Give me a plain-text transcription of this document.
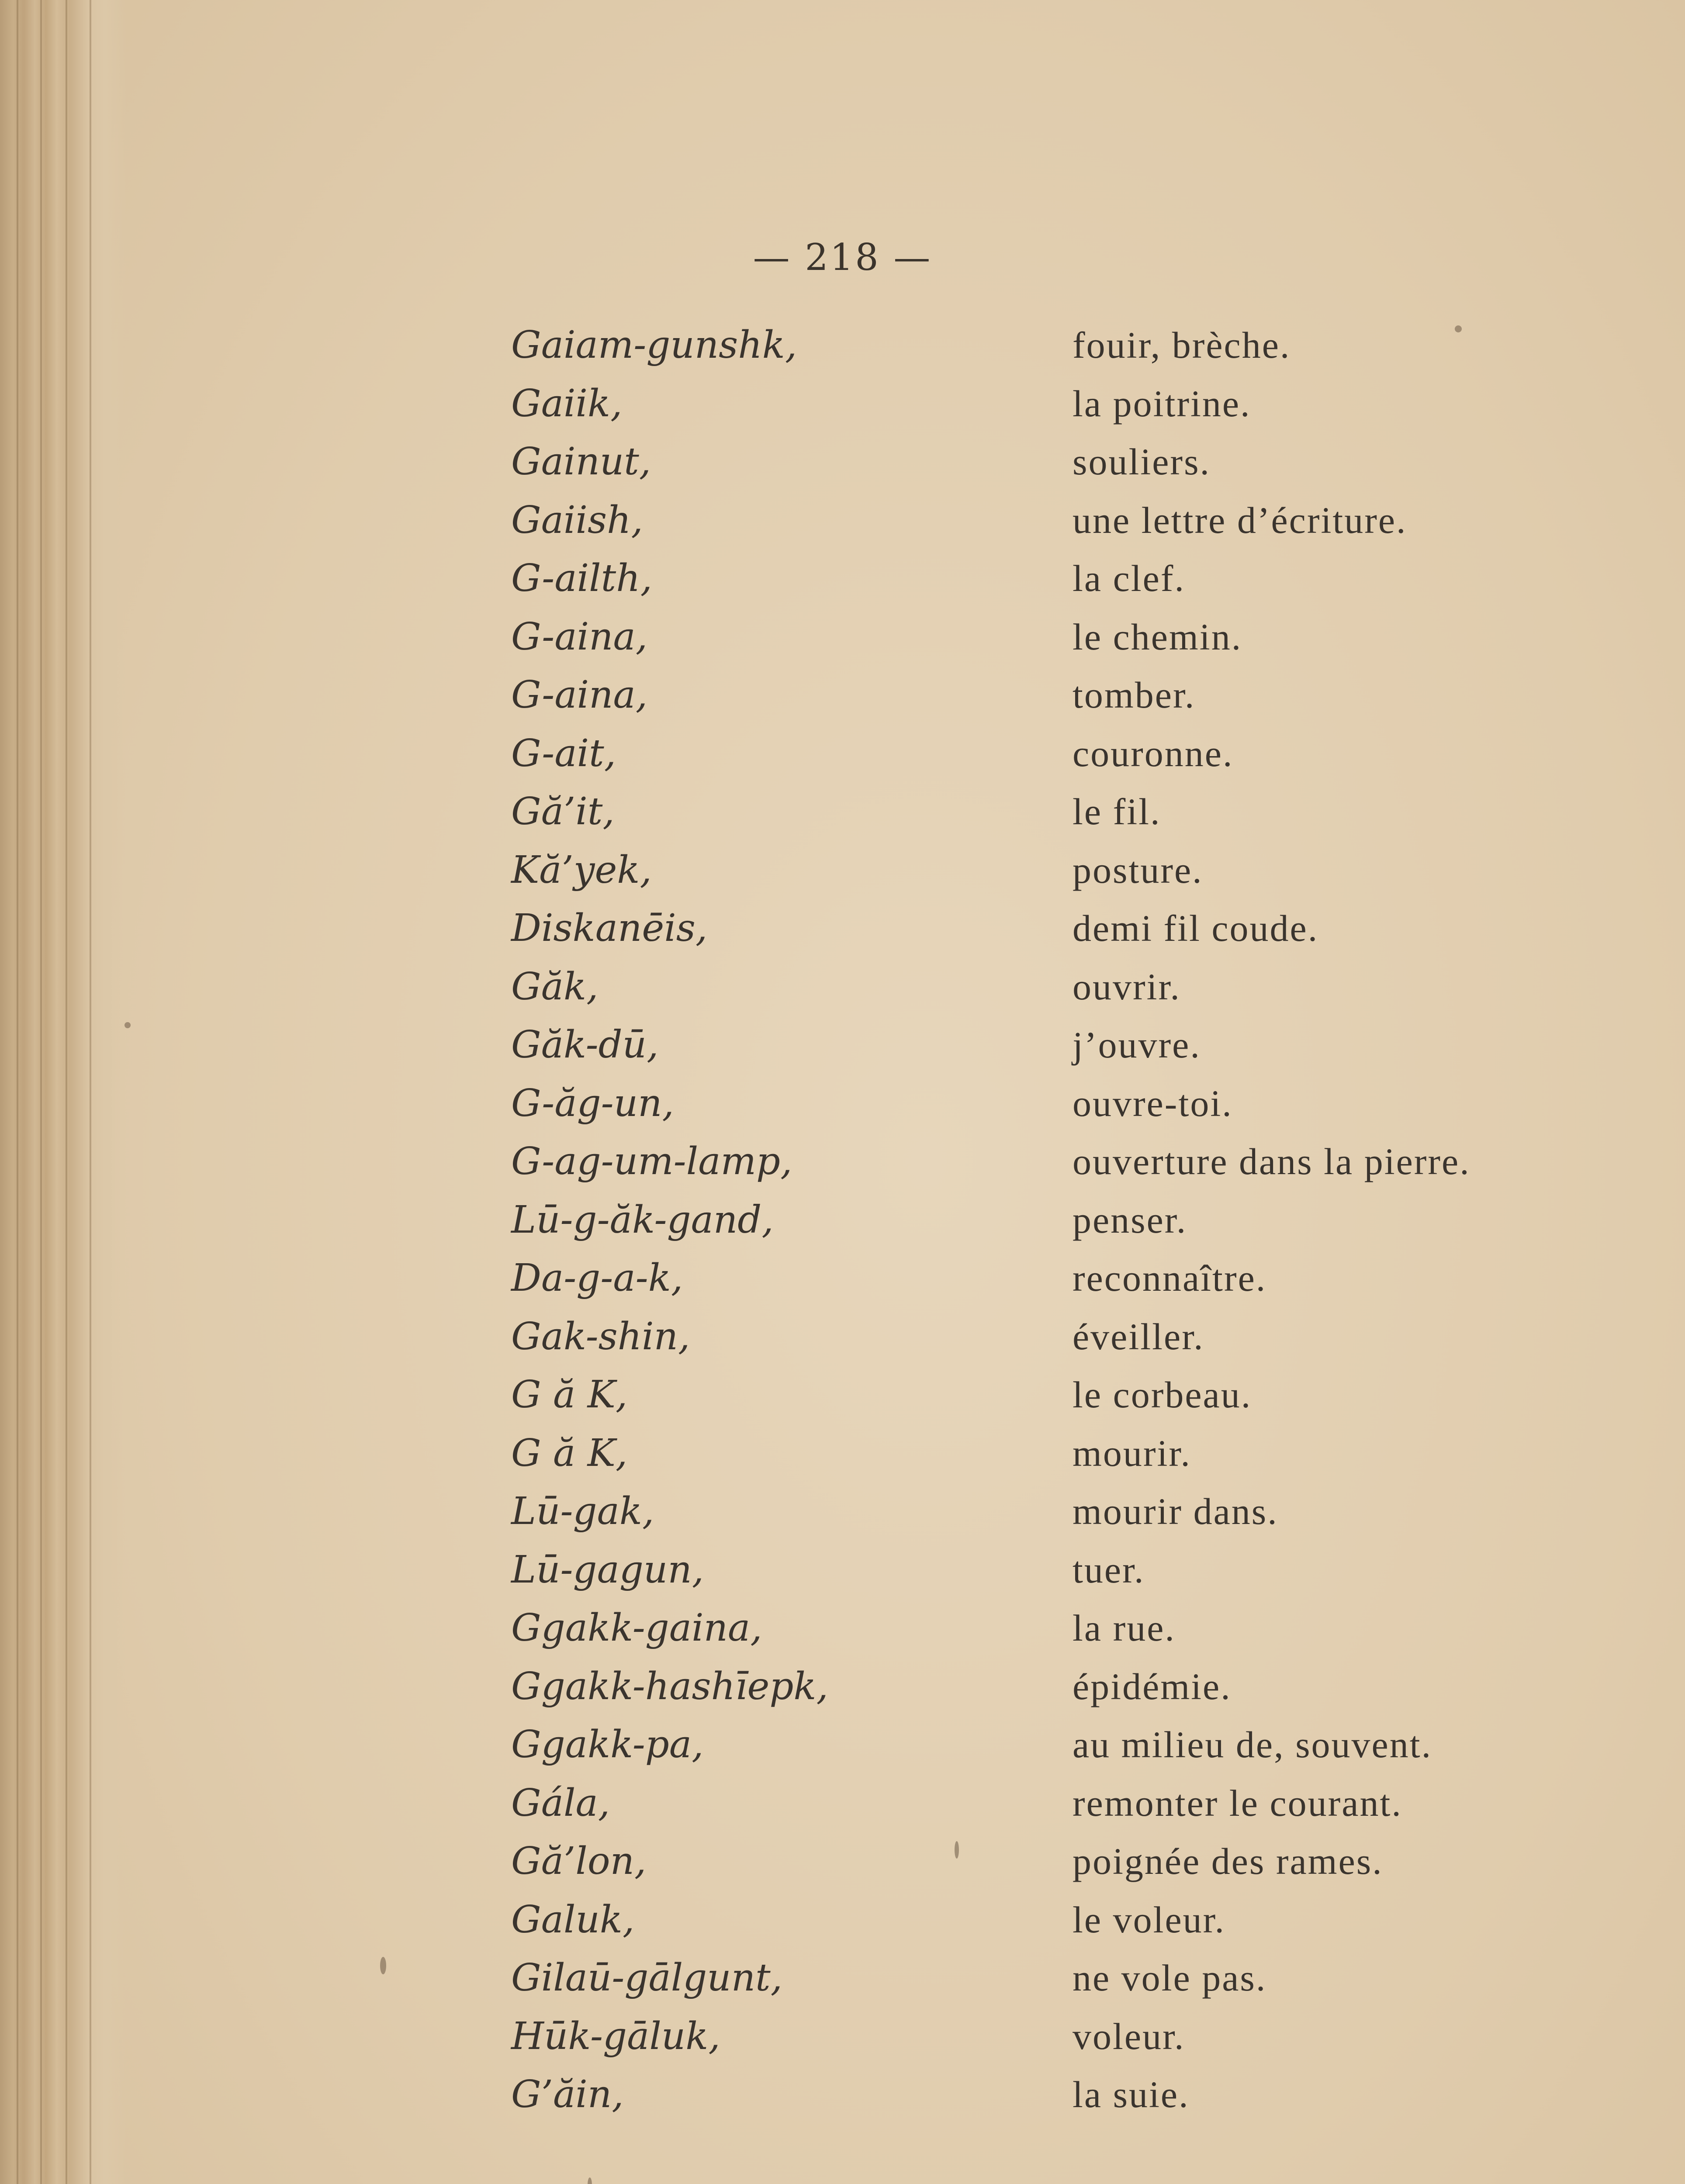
— 218 —
Gaiam-gunshk,	fouir, brèche.
Gaiik,	la poitrine.
Gainut,	souliers.
Gaiish,	une lettre d’écriture.
G-ailth,	la clef.
G-aina,	le chemin.
G-aina,	tomber.
G-ait,	couronne.
Gă’it,	le fil.
Kă’yek,	posture.
Diskanēis,	demi fil coude.
Găk,	ouvrir.
Găk-dū,	j’ouvre.
G-ăg-un,	ouvre-toi.
G-ag-um-lamp,	ouverture dans la pierre.
Lū-g-ăk-gand,	penser.
Da-g-a-k,	reconnaître.
Gak-shin,	éveiller.
G ă K,	le corbeau.
G ă K,	mourir.
Lū-gak,	mourir dans.
Lū-gagun,	tuer.
Ggakk-gaina,	la rue.
Ggakk-hashīepk,	épidémie.
Ggakk-pa,	au milieu de, souvent.
Gála,	remonter le courant.
Gă’lon,	poignée des rames.
Galuk,	le voleur.
Gilaū-gālgunt,	ne vole pas.
Hūk-gāluk,	voleur.
G’ăin,	la suie.
